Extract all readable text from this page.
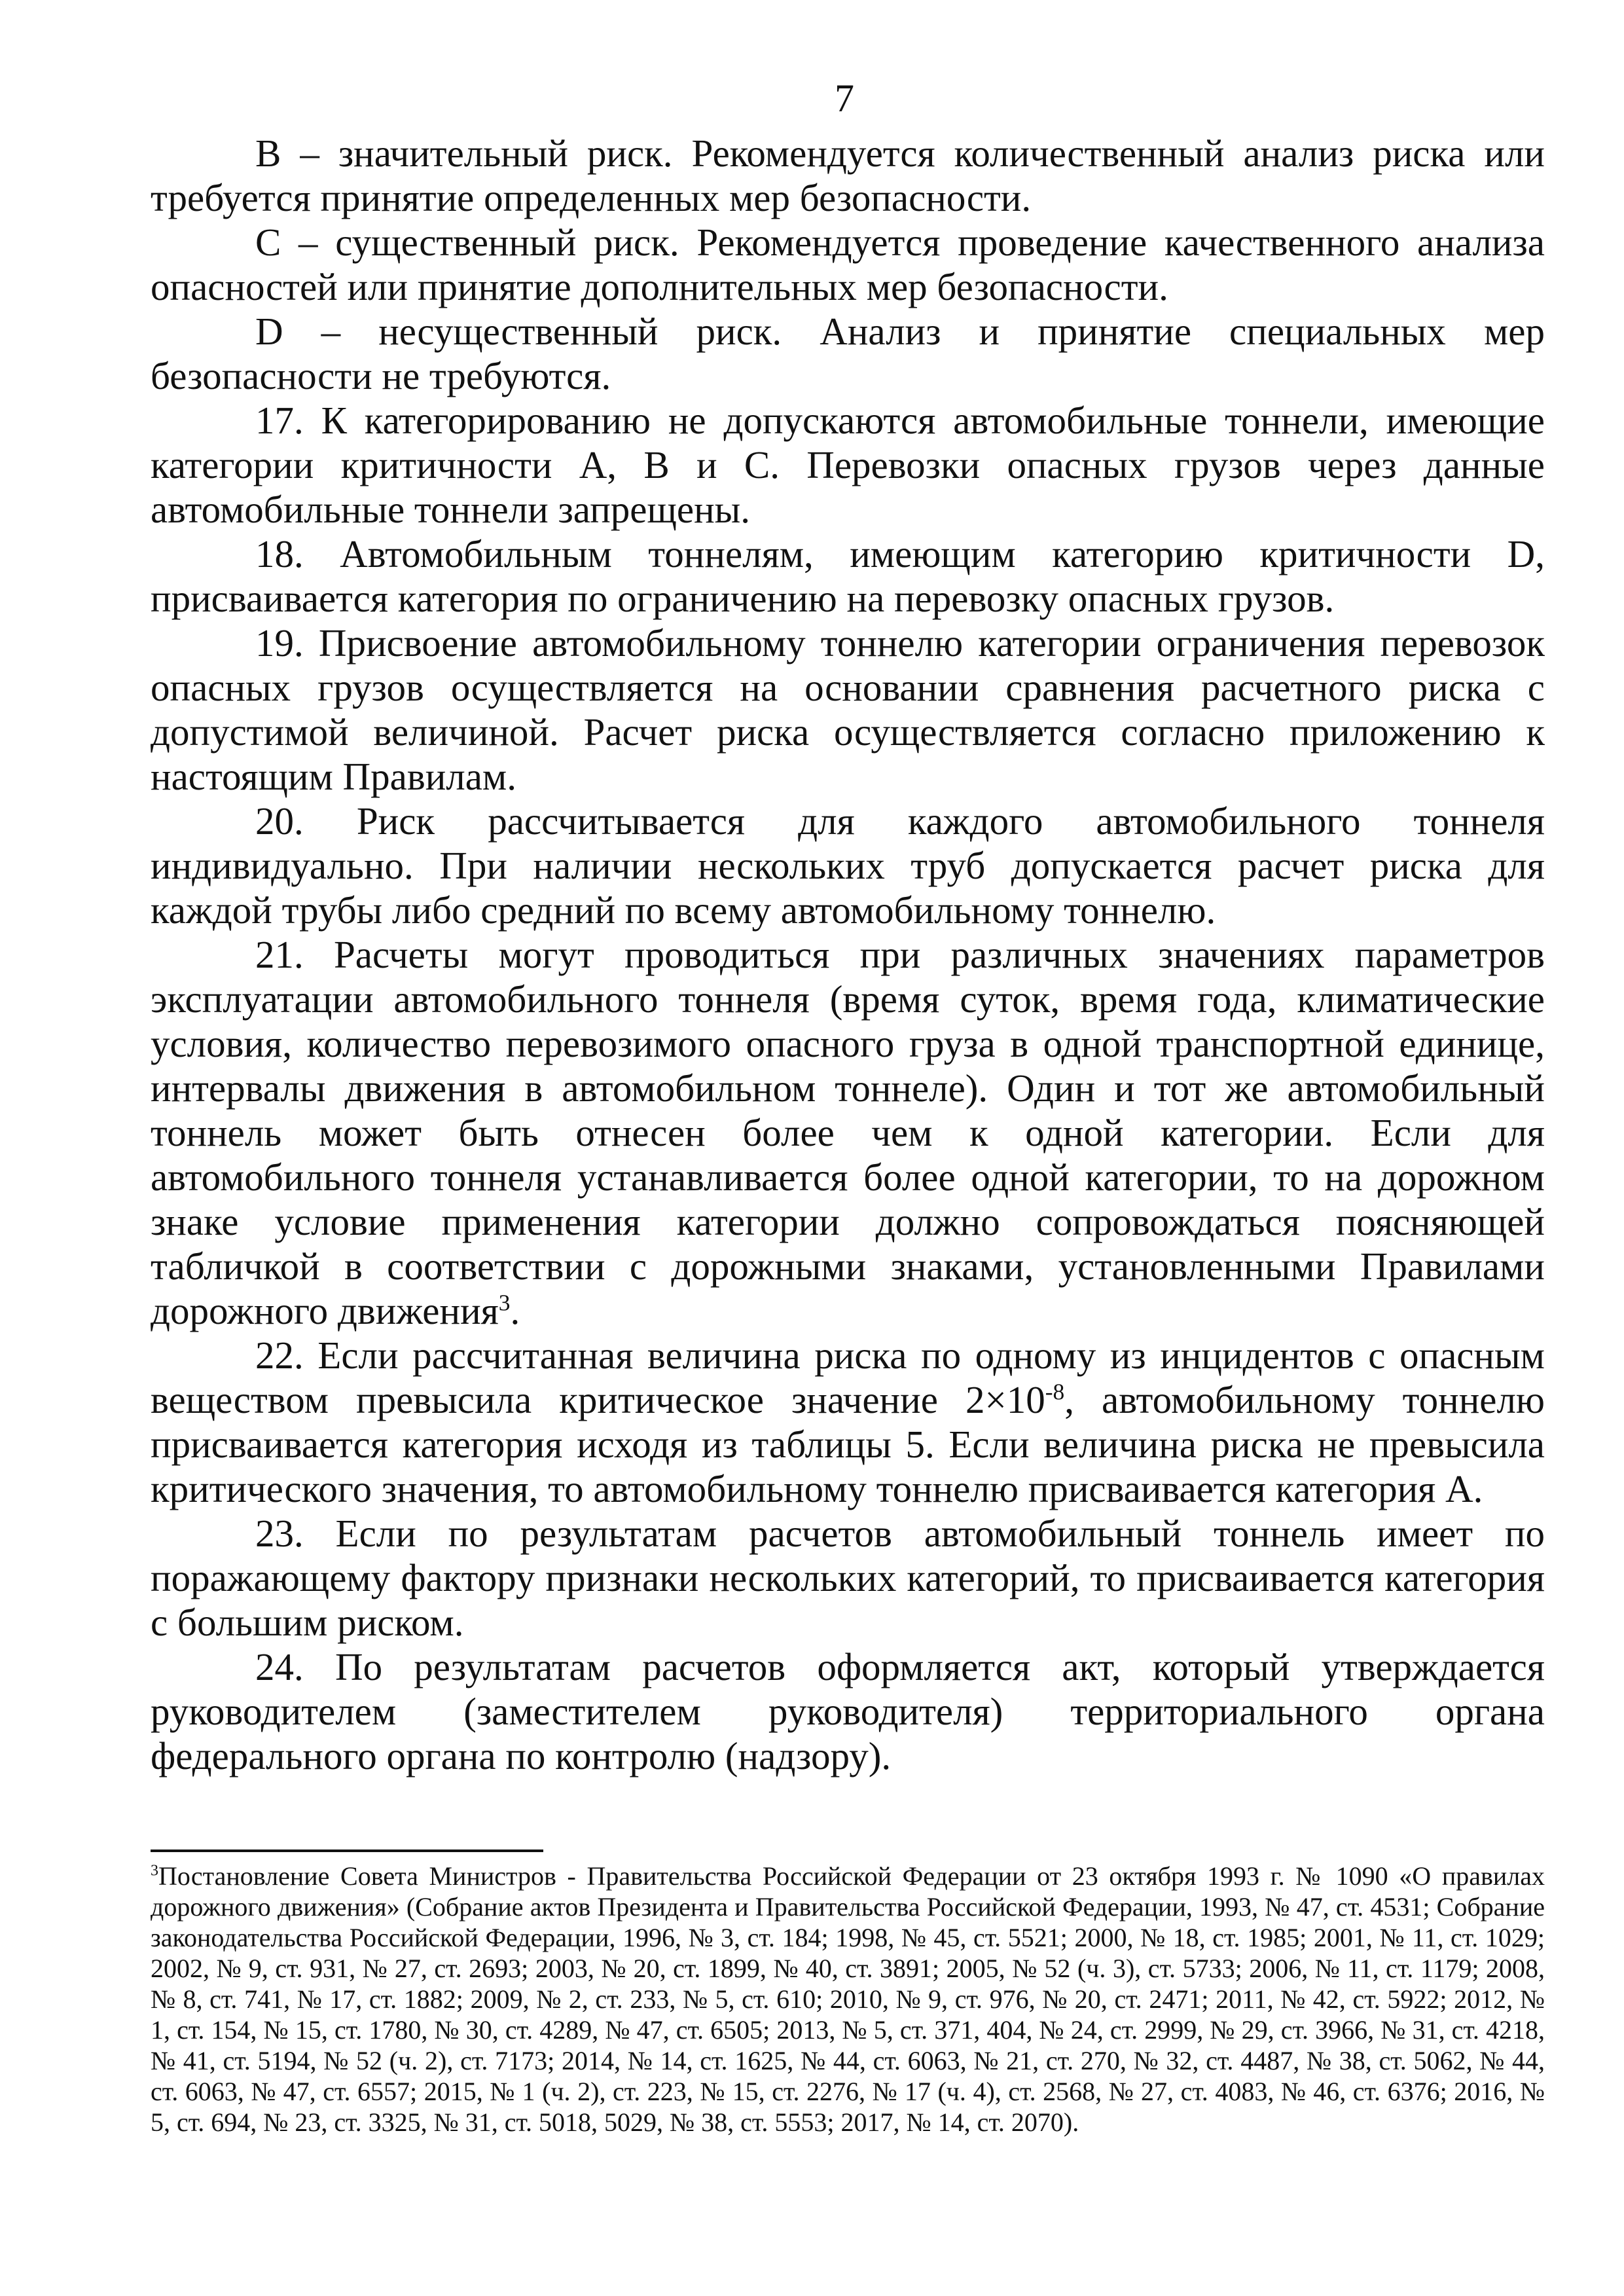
7

В – значительный риск. Рекомендуется количественный анализ риска или требуется принятие определенных мер безопасности.

С – существенный риск. Рекомендуется проведение качественного анализа опасностей или принятие дополнительных мер безопасности.

D – несущественный риск. Анализ и принятие специальных мер безопасности не требуются.

17. К категорированию не допускаются автомобильные тоннели, имеющие категории критичности А, В и С. Перевозки опасных грузов через данные автомобильные тоннели запрещены.

18. Автомобильным тоннелям, имеющим категорию критичности D, присваивается категория по ограничению на перевозку опасных грузов.

19. Присвоение автомобильному тоннелю категории ограничения перевозок опасных грузов осуществляется на основании сравнения расчетного риска с допустимой величиной. Расчет риска осуществляется согласно приложению к настоящим Правилам.

20. Риск рассчитывается для каждого автомобильного тоннеля индивидуально. При наличии нескольких труб допускается расчет риска для каждой трубы либо средний по всему автомобильному тоннелю.

21. Расчеты могут проводиться при различных значениях параметров эксплуатации автомобильного тоннеля (время суток, время года, климатические условия, количество перевозимого опасного груза в одной транспортной единице, интервалы движения в автомобильном тоннеле). Один и тот же автомобильный тоннель может быть отнесен более чем к одной категории. Если для автомобильного тоннеля устанавливается более одной категории, то на дорожном знаке условие применения категории должно сопровождаться поясняющей табличкой в соответствии с дорожными знаками, установленными Правилами дорожного движения$^3$.

22. Если рассчитанная величина риска по одному из инцидентов с опасным веществом превысила критическое значение $2\times 10^{-8}$, автомобильному тоннелю присваивается категория исходя из таблицы 5. Если величина риска не превысила критического значения, то автомобильному тоннелю присваивается категория А.

23. Если по результатам расчетов автомобильный тоннель имеет по поражающему фактору признаки нескольких категорий, то присваивается категория с большим риском.

24. По результатам расчетов оформляется акт, который утверждается руководителем (заместителем руководителя) территориального органа федерального органа по контролю (надзору).

$^3$Постановление Совета Министров - Правительства Российской Федерации от 23 октября 1993 г. № 1090 «О правилах дорожного движения» (Собрание актов Президента и Правительства Российской Федерации, 1993, № 47, ст. 4531; Собрание законодательства Российской Федерации, 1996, № 3, ст. 184; 1998, № 45, ст. 5521; 2000, № 18, ст. 1985; 2001, № 11, ст. 1029; 2002, № 9, ст. 931, № 27, ст. 2693; 2003, № 20, ст. 1899, № 40, ст. 3891; 2005, № 52 (ч. 3), ст. 5733; 2006, № 11, ст. 1179; 2008, № 8, ст. 741, № 17, ст. 1882; 2009, № 2, ст. 233, № 5, ст. 610; 2010, № 9, ст. 976, № 20, ст. 2471; 2011, № 42, ст. 5922; 2012, № 1, ст. 154, № 15, ст. 1780, № 30, ст. 4289, № 47, ст. 6505; 2013, № 5, ст. 371, 404, № 24, ст. 2999, № 29, ст. 3966, № 31, ст. 4218, № 41, ст. 5194, № 52 (ч. 2), ст. 7173; 2014, № 14, ст. 1625, № 44, ст. 6063, № 21, ст. 270, № 32, ст. 4487, № 38, ст. 5062, № 44, ст. 6063, № 47, ст. 6557; 2015, № 1 (ч. 2), ст. 223, № 15, ст. 2276, № 17 (ч. 4), ст. 2568, № 27, ст. 4083, № 46, ст. 6376; 2016, № 5, ст. 694, № 23, ст. 3325, № 31, ст. 5018, 5029, № 38, ст. 5553; 2017, № 14, ст. 2070).
